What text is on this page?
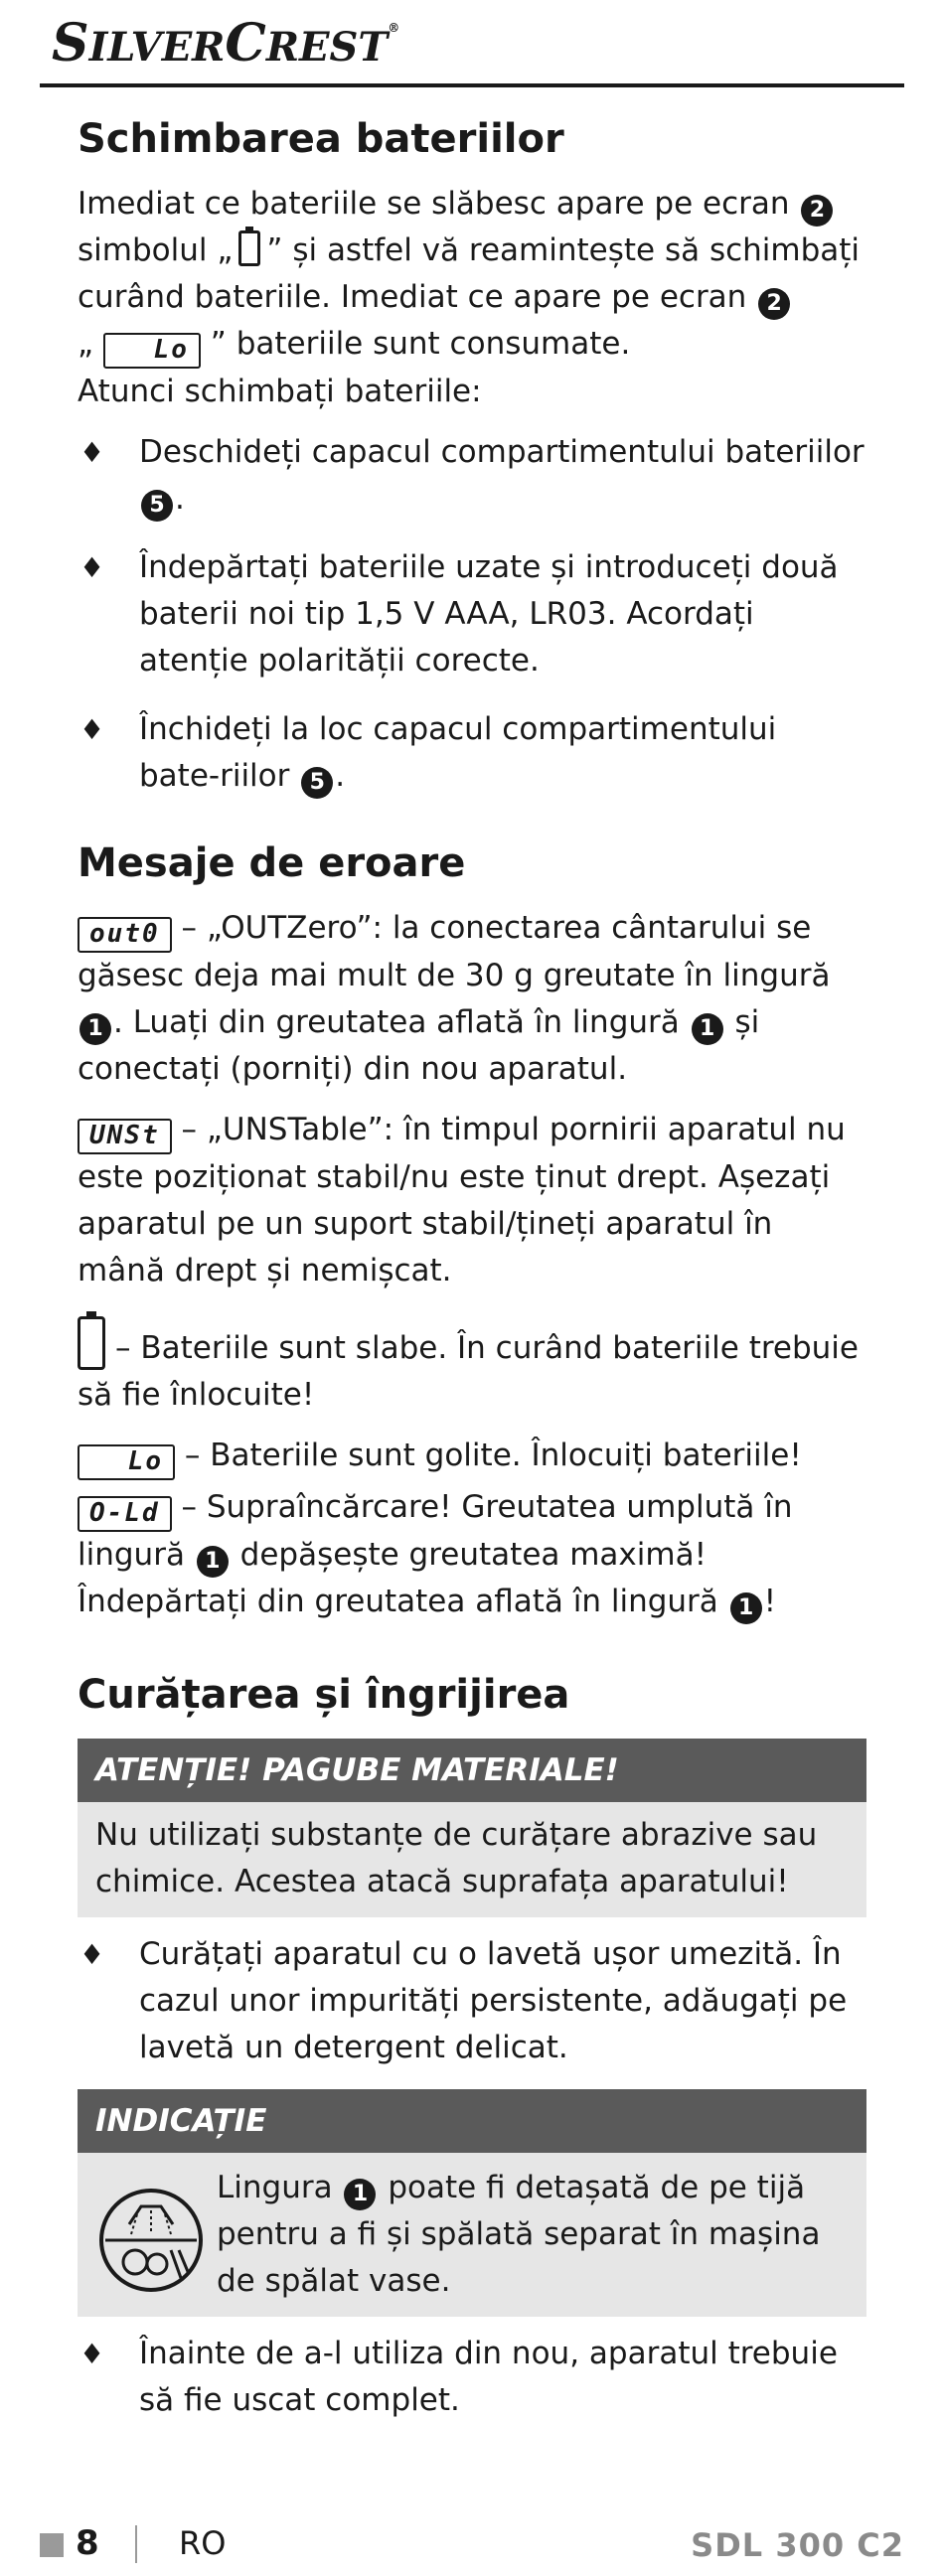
SILVERCREST®
Schimbarea bateriilor

Imediat ce bateriile se slăbesc apare pe ecran 2

simbolul „ ” și astfel vă reamintește să schimbați

curând bateriile. Imediat ce apare pe ecran 2

„ Lo ” bateriile sunt consumate.

Atunci schimbați bateriile:

♦ Deschideți capacul compartimentului bateriilor 5 .
♦ Îndepărtați bateriile uzate și introduceți două baterii noi tip 1,5 V AAA, LR03. Acordați atenție polarității corecte.
♦ Închideți la loc capacul compartimentului bate-riilor 5 .
Mesaje de eroare

out0 – „OUTZero”: la conectarea cântarului se găsesc deja mai mult de 30 g greutate în lingură 1 . Luați din greutatea aflată în lingură 1 și conectați (porniți) din nou aparatul.

UNSt – „UNSTable”: în timpul pornirii aparatul nu este poziționat stabil/nu este ținut drept. Așezați aparatul pe un suport stabil/țineți aparatul în mână drept și nemișcat.

– Bateriile sunt slabe. În curând bateriile trebuie să fie înlocuite!

Lo – Bateriile sunt golite. Înlocuiți bateriile!

O-Ld – Supraîncărcare! Greutatea umplută în lingură 1 depășește greutatea maximă!

Îndepărtați din greutatea aflată în lingură 1 !

Curățarea și îngrijirea
ATENȚIE! PAGUBE MATERIALE!
Nu utilizați substanțe de curățare abrazive sau chimice. Acestea atacă suprafața aparatului!
♦ Curățați aparatul cu o lavetă ușor umezită. În cazul unor impurități persistente, adăugați pe lavetă un detergent delicat.
INDICAȚIE
Lingura 1 poate fi detașată de pe tijă pentru a fi și spălată separat în mașina de spălat vase.
♦ Înainte de a-l utiliza din nou, aparatul trebuie să fie uscat complet.
8	RO	SDL 300 C2
